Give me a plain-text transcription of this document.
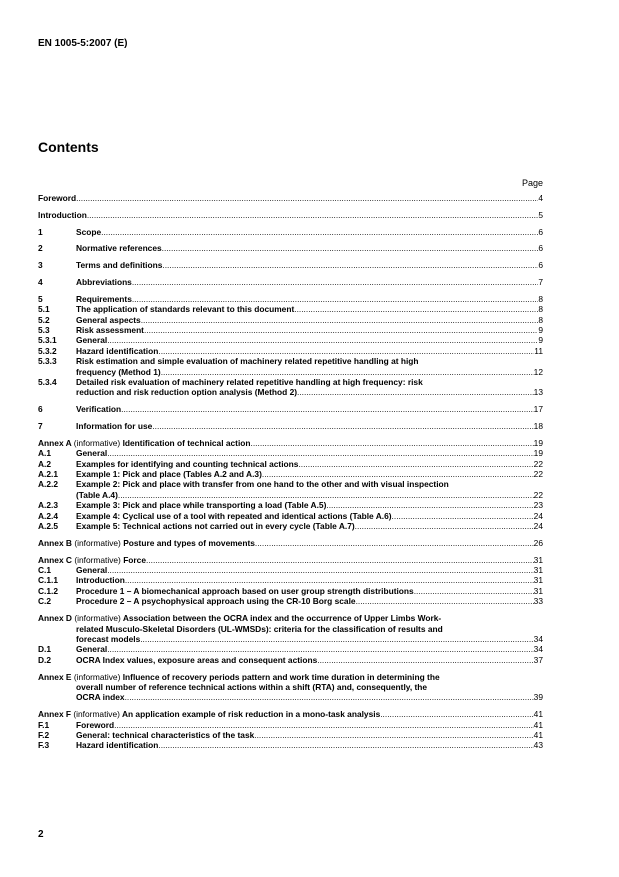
EN 1005-5:2007 (E)
Contents
Page
Foreword .....	4
Introduction .....	5
1	Scope .....	6
2	Normative references .....	6
3	Terms and definitions .....	6
4	Abbreviations .....	7
5	Requirements .....	8
5.1	The application of standards relevant to this document .....	8
5.2	General aspects .....	8
5.3	Risk assessment .....	9
5.3.1 General .....	9
5.3.2 Hazard identification .....	11
5.3.3 Risk estimation and simple evaluation of machinery related repetitive handling at high
frequency (Method 1) .....	12
5.3.4 Detailed risk evaluation of machinery related repetitive handling at high frequency: risk
reduction and risk reduction option analysis (Method 2) .....	13
6	Verification .....	17
7	Information for use .....	18
Annex A (informative) Identification of technical action .....	19
A.1	General .....	19
A.2	Examples for identifying and counting technical actions .....	22
A.2.1 Example 1: Pick and place (Tables A.2 and A.3) .....	22
A.2.2 Example 2: Pick and place with transfer from one hand to the other and with visual inspection
(Table A.4) .....	22
A.2.3 Example 3: Pick and place while transporting a load (Table A.5) .....	23
A.2.4 Example 4: Cyclical use of a tool with repeated and identical actions (Table A.6) .....	24
A.2.5 Example 5: Technical actions not carried out in every cycle (Table A.7) .....	24
Annex B (informative) Posture and types of movements .....	26
Annex C (informative) Force .....	31
C.1	General .....	31
C.1.1 Introduction .....	31
C.1.2 Procedure 1 – A biomechanical approach based on user group strength distributions .....	31
C.2	Procedure 2 – A psychophysical approach using the CR-10 Borg scale .....	33
Annex D (informative) Association between the OCRA index and the occurrence of Upper Limbs Work-
related Musculo-Skeletal Disorders (UL-WMSDs): criteria for the classification of results and
forecast models .....	34
D.1	General .....	34
D.2	OCRA Index values, exposure areas and consequent actions .....	37
Annex E (informative) Influence of recovery periods pattern and work time duration in determining the
overall number of reference technical actions within a shift (RTA) and, consequently, the
OCRA index .....	39
Annex F (informative) An application example of risk reduction in a mono-task analysis .....	41
F.1	Foreword .....	41
F.2	General: technical characteristics of the task .....	41
F.3	Hazard identification .....	43
2
